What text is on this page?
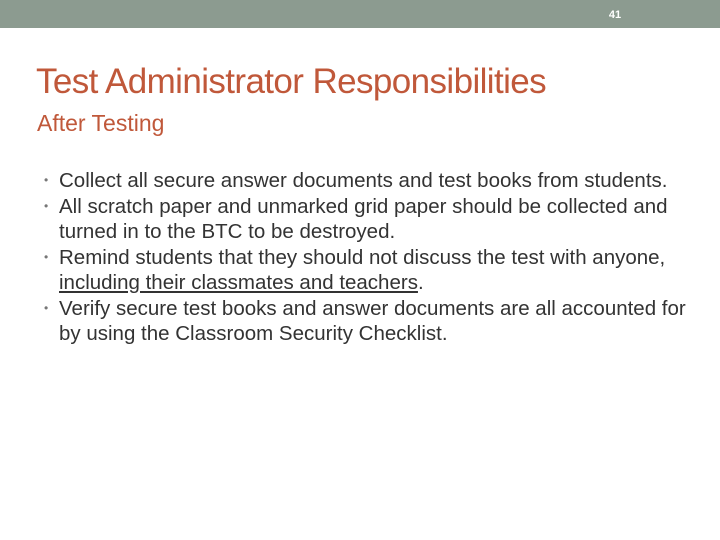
41
Test Administrator Responsibilities
After Testing
• Collect all secure answer documents and test books from students.
• All scratch paper and unmarked grid paper should be collected and turned in to the BTC to be destroyed.
• Remind students that they should not discuss the test with anyone, including their classmates and teachers.
• Verify secure test books and answer documents are all accounted for by using the Classroom Security Checklist.
